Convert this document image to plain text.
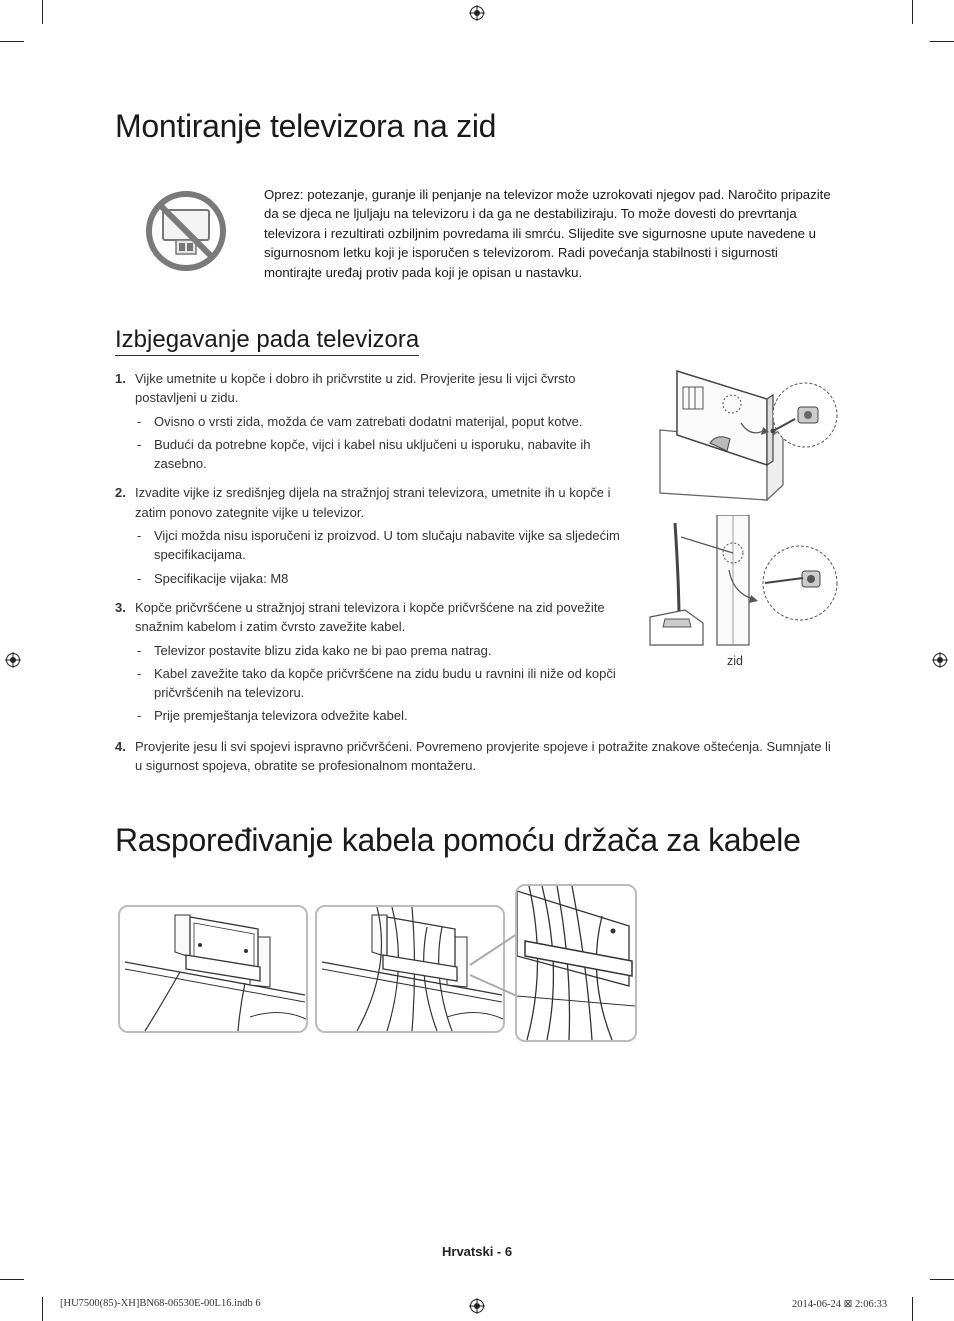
Montiranje televizora na zid
Oprez: potezanje, guranje ili penjanje na televizor može uzrokovati njegov pad. Naročito pripazite da se djeca ne ljuljaju na televizoru i da ga ne destabiliziraju. To može dovesti do prevrtanja televizora i rezultirati ozbiljnim povredama ili smrću. Slijedite sve sigurnosne upute navedene u sigurnosnom letku koji je isporučen s televizorom. Radi povećanja stabilnosti i sigurnosti montirajte uređaj protiv pada koji je opisan u nastavku.
Izbjegavanje pada televizora
1. Vijke umetnite u kopče i dobro ih pričvrstite u zid. Provjerite jesu li vijci čvrsto postavljeni u zidu.
- Ovisno o vrsti zida, možda će vam zatrebati dodatni materijal, poput kotve.
- Budući da potrebne kopče, vijci i kabel nisu uključeni u isporuku, nabavite ih zasebno.
2. Izvadite vijke iz središnjeg dijela na stražnjoj strani televizora, umetnite ih u kopče i zatim ponovo zategnite vijke u televizor.
- Vijci možda nisu isporučeni iz proizvod. U tom slučaju nabavite vijke sa sljedećim specifikacijama.
- Specifikacije vijaka: M8
3. Kopče pričvršćene u stražnjoj strani televizora i kopče pričvršćene na zid povežite snažnim kabelom i zatim čvrsto zavežite kabel.
- Televizor postavite blizu zida kako ne bi pao prema natrag.
- Kabel zavežite tako da kopče pričvršćene na zidu budu u ravnini ili niže od kopči pričvršćenih na televizoru.
- Prije premještanja televizora odvežite kabel.
4. Provjerite jesu li svi spojevi ispravno pričvršćeni. Povremeno provjerite spojeve i potražite znakove oštećenja. Sumnjate li u sigurnost spojeva, obratite se profesionalnom montažeru.
zid
Raspoređivanje kabela pomoću držača za kabele
Hrvatski - 6
[HU7500(85)-XH]BN68-06530E-00L16.indb 6	2014-06-24 ⊠ 2:06:33
